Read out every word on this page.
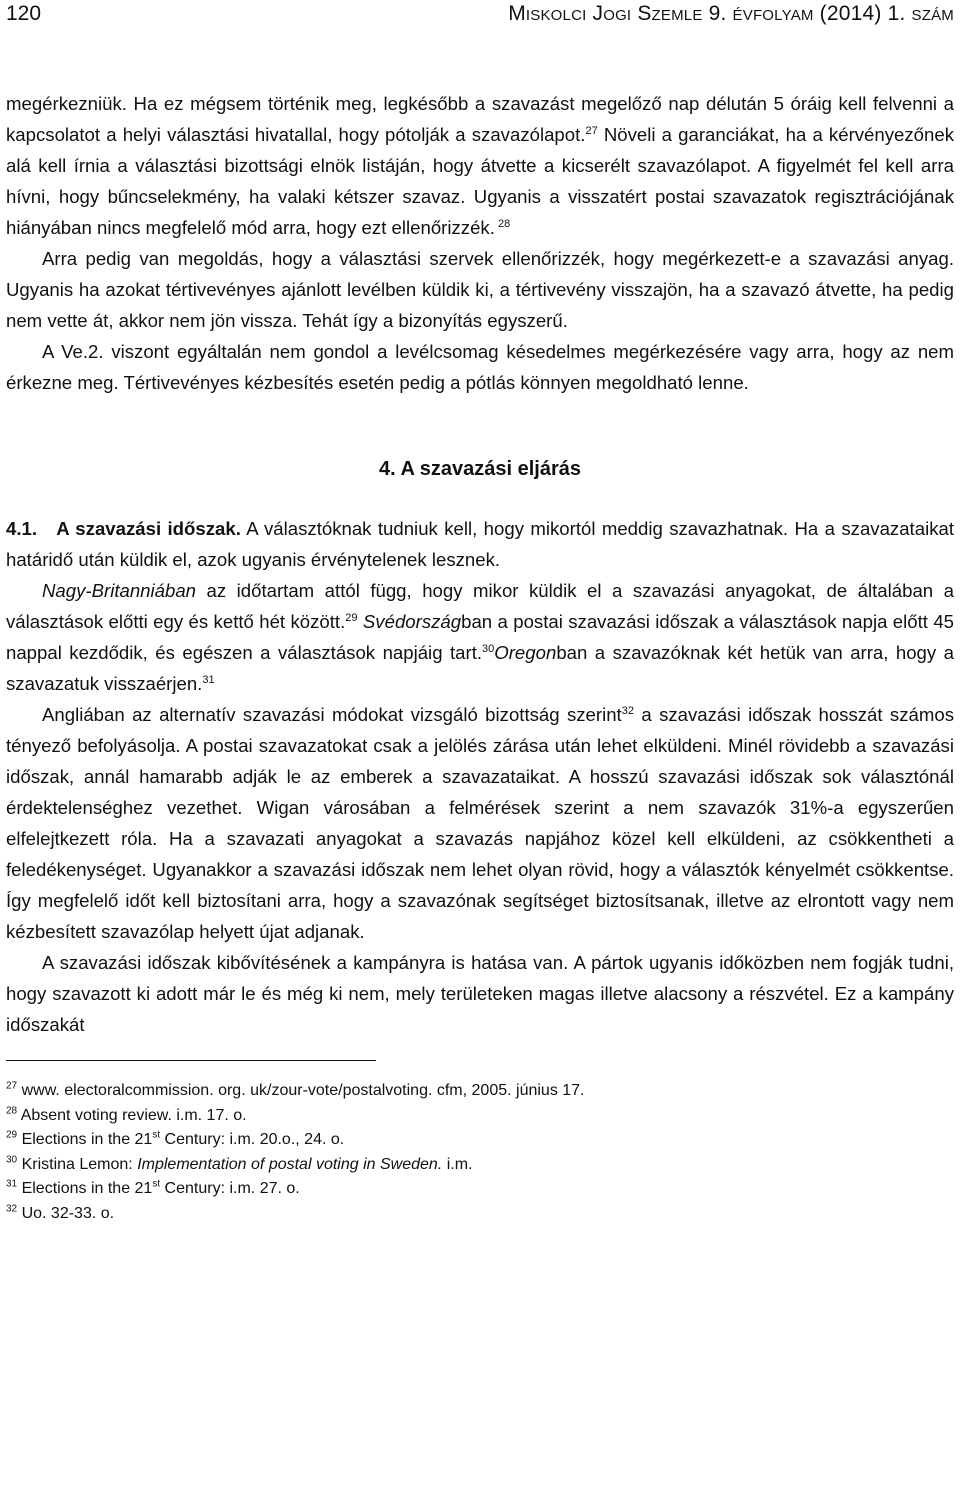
120	Miskolci Jogi Szemle 9. évfolyam (2014) 1. szám

megérkezniük. Ha ez mégsem történik meg, legkésőbb a szavazást megelőző nap délután 5 óráig kell felvenni a kapcsolatot a helyi választási hivatallal, hogy pótolják a szavazólapot.$^{27}$ Növeli a garanciákat, ha a kérvényezőnek alá kell írnia a választási bizottsági elnök listáján, hogy átvette a kicserélt szavazólapot. A figyelmét fel kell arra hívni, hogy bűncselekmény, ha valaki kétszer szavaz. Ugyanis a visszatért postai szavazatok regisztrációjának hiányában nincs megfelelő mód arra, hogy ezt ellenőrizzék. $^{28}$

Arra pedig van megoldás, hogy a választási szervek ellenőrizzék, hogy megérkezett-e a szavazási anyag. Ugyanis ha azokat tértivevényes ajánlott levélben küldik ki, a tértivevény visszajön, ha a szavazó átvette, ha pedig nem vette át, akkor nem jön vissza. Tehát így a bizonyítás egyszerű.

A Ve.2. viszont egyáltalán nem gondol a levélcsomag késedelmes megérkezésére vagy arra, hogy az nem érkezne meg. Tértivevényes kézbesítés esetén pedig a pótlás könnyen megoldható lenne.

4. A szavazási eljárás

4.1. A szavazási időszak. A választóknak tudniuk kell, hogy mikortól meddig szavazhatnak. Ha a szavazataikat határidő után küldik el, azok ugyanis érvénytelenek lesznek.

Nagy-Britanniában az időtartam attól függ, hogy mikor küldik el a szavazási anyagokat, de általában a választások előtti egy és kettő hét között.$^{29}$ Svédországban a postai szavazási időszak a választások napja előtt 45 nappal kezdődik, és egészen a választások napjáig tart.$^{30}$Oregonban a szavazóknak két hetük van arra, hogy a szavazatuk visszaérjen.$^{31}$

Angliában az alternatív szavazási módokat vizsgáló bizottság szerint$^{32}$ a szavazási időszak hosszát számos tényező befolyásolja. A postai szavazatokat csak a jelölés zárása után lehet elküldeni. Minél rövidebb a szavazási időszak, annál hamarabb adják le az emberek a szavazataikat. A hosszú szavazási időszak sok választónál érdektelenséghez vezethet. Wigan városában a felmérések szerint a nem szavazók 31%-a egyszerűen elfelejtkezett róla. Ha a szavazati anyagokat a szavazás napjához közel kell elküldeni, az csökkentheti a feledékenységet. Ugyanakkor a szavazási időszak nem lehet olyan rövid, hogy a választók kényelmét csökkentse. Így megfelelő időt kell biztosítani arra, hogy a szavazónak segítséget biztosítsanak, illetve az elrontott vagy nem kézbesített szavazólap helyett újat adjanak.

A szavazási időszak kibővítésének a kampányra is hatása van. A pártok ugyanis időközben nem fogják tudni, hogy szavazott ki adott már le és még ki nem, mely területeken magas illetve alacsony a részvétel. Ez a kampány időszakát

$^{27}$ www. electoralcommission. org. uk/zour-vote/postalvoting. cfm, 2005. június 17.

$^{28}$ Absent voting review. i.m. 17. o.

$^{29}$ Elections in the 21st Century: i.m. 20.o., 24. o.

$^{30}$ Kristina Lemon: Implementation of postal voting in Sweden. i.m.

$^{31}$ Elections in the 21st Century: i.m. 27. o.

$^{32}$ Uo. 32-33. o.
